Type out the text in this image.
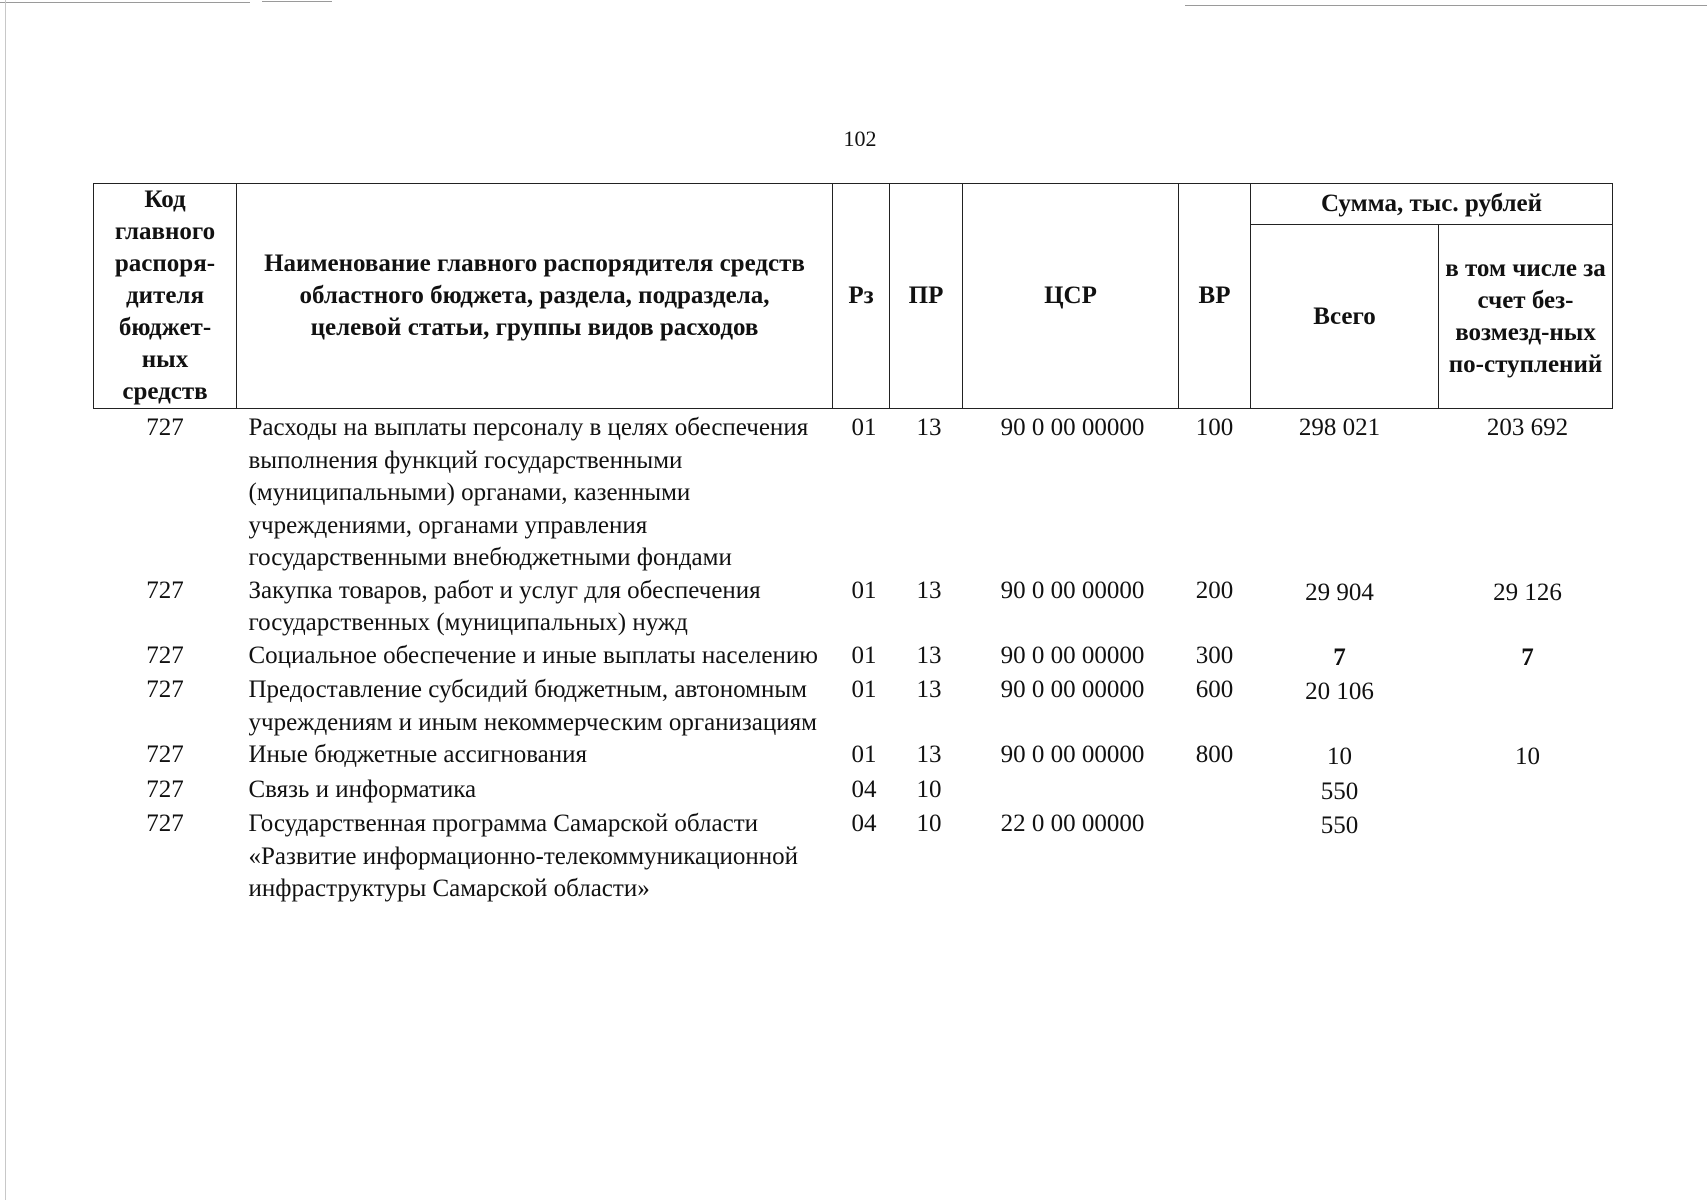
102
Код главного распоря-дителя бюджет-ных средств	Наименование главного распорядителя средств областного бюджета, раздела, подраздела, целевой статьи, группы видов расходов	Рз	ПР	ЦСР	ВР	Сумма, тыс. рублей	
						Всего	в том числе за счет без-возмезд-ных по-ступлений
727	Расходы на выплаты персоналу в целях обеспечения выполнения функций государственными (муниципальными) органами, казенными учреждениями, органами управления государственными внебюджетными фондами	01	13	90 0 00 00000	100	298 021	203 692
727	Закупка товаров, работ и услуг для обеспечения государственных (муниципальных) нужд	01	13	90 0 00 00000	200	29 904	29 126
727	Социальное обеспечение и иные выплаты населению	01	13	90 0 00 00000	300	7	7
727	Предоставление субсидий бюджетным, автономным учреждениям и иным некоммерческим организациям	01	13	90 0 00 00000	600	20 106	
727	Иные бюджетные ассигнования	01	13	90 0 00 00000	800	10	10
727	Связь и информатика	04	10			550	
727	Государственная программа Самарской области «Развитие информационно-телекоммуникационной инфраструктуры Самарской области»	04	10	22 0 00 00000		550	
